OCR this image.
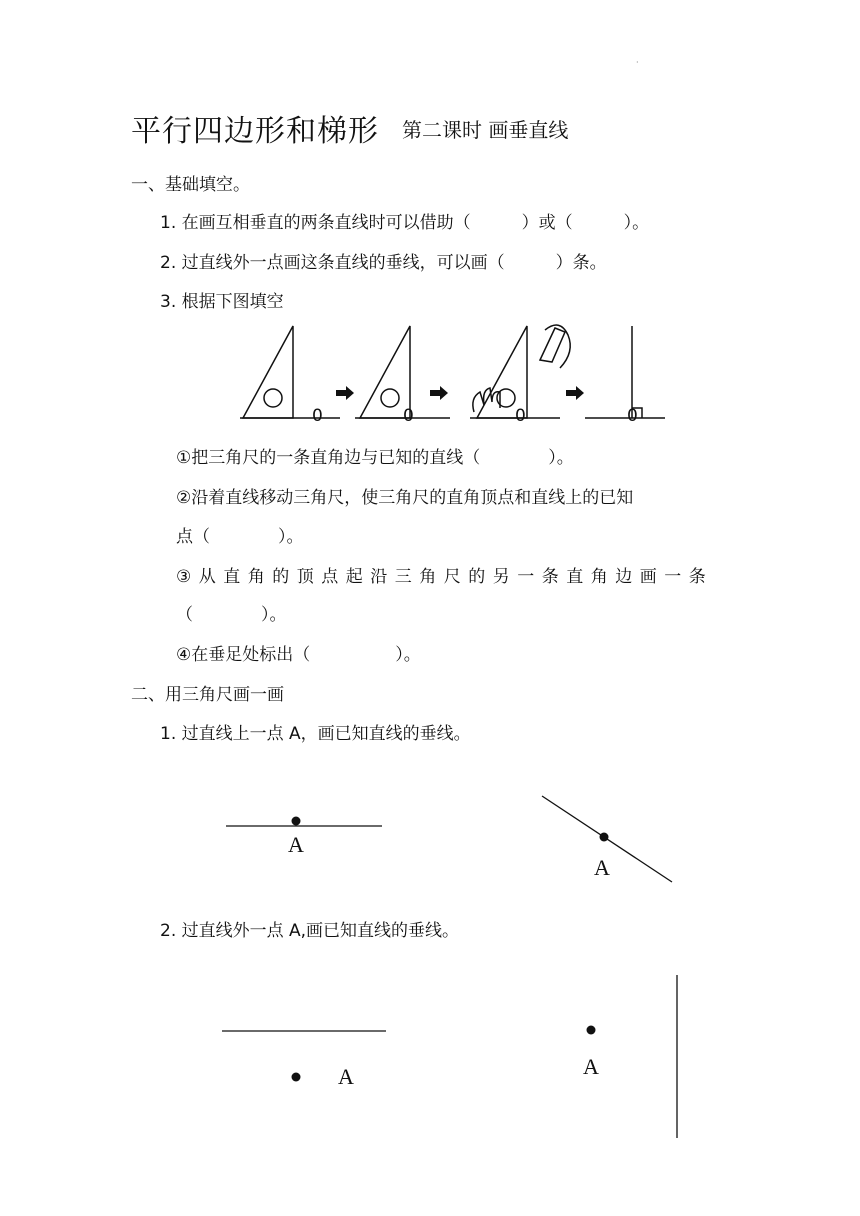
·
平行四边形和梯形 第二课时 画垂直线
一、基础填空。
1. 在画互相垂直的两条直线时可以借助（　　　）或（　　　）。
2. 过直线外一点画这条直线的垂线，可以画（　　　）条。
3. 根据下图填空
0	0	0	0
①把三角尺的一条直角边与已知的直线（　　　　）。
②沿着直线移动三角尺，使三角尺的直角顶点和直线上的已知
点（　　　　）。
③从直角的顶点起沿三角尺的另一条直角边画一条
（　　　　）。
④在垂足处标出（　　　　　）。
二、用三角尺画一画
1. 过直线上一点 A，画已知直线的垂线。
A
A
2. 过直线外一点 A,画已知直线的垂线。
A	A
